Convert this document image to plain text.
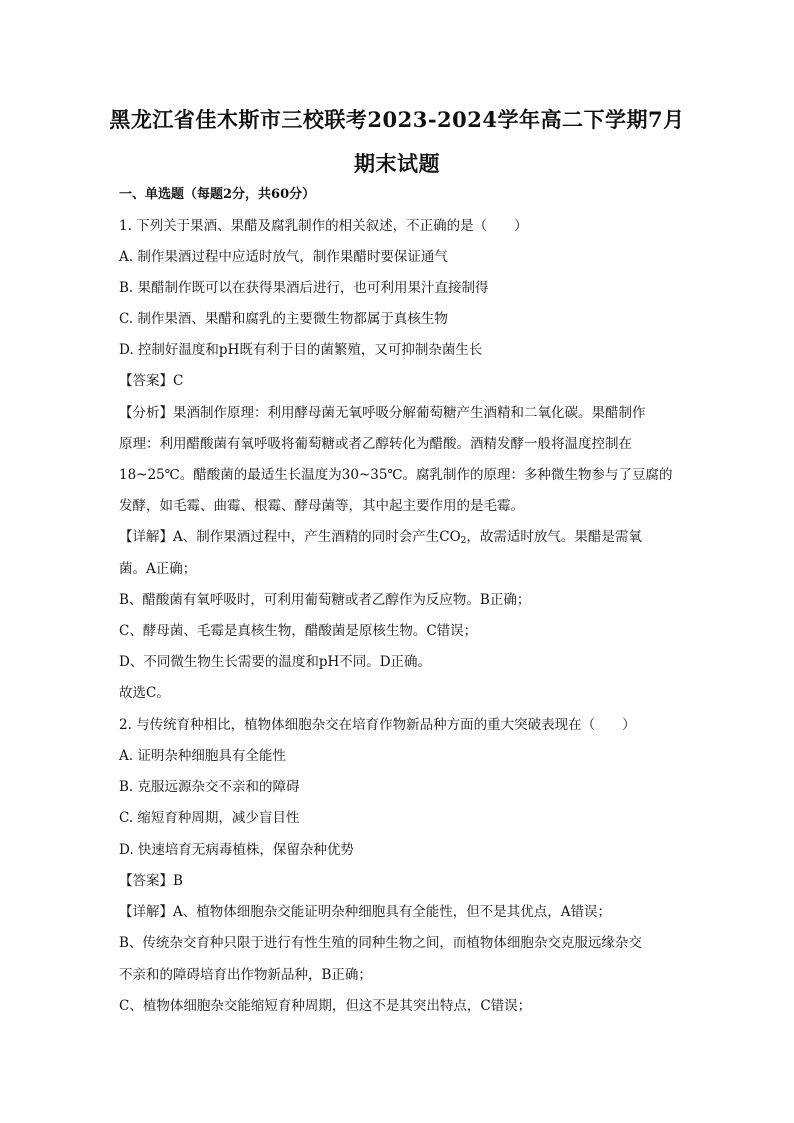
黑龙江省佳木斯市三校联考2023-2024学年高二下学期7月
期末试题
一、单选题（每题2分，共60分）
1. 下列关于果酒、果醋及腐乳制作的相关叙述，不正确的是（　　）
A. 制作果酒过程中应适时放气，制作果醋时要保证通气
B. 果醋制作既可以在获得果酒后进行，也可利用果汁直接制得
C. 制作果酒、果醋和腐乳的主要微生物都属于真核生物
D. 控制好温度和pH既有利于目的菌繁殖，又可抑制杂菌生长
【答案】C
【分析】果酒制作原理：利用酵母菌无氧呼吸分解葡萄糖产生酒精和二氧化碳。果醋制作
原理：利用醋酸菌有氧呼吸将葡萄糖或者乙醇转化为醋酸。酒精发酵一般将温度控制在
18~25℃。醋酸菌的最适生长温度为30~35℃。腐乳制作的原理：多种微生物参与了豆腐的
发酵，如毛霉、曲霉、根霉、酵母菌等，其中起主要作用的是毛霉。
【详解】A、制作果酒过程中，产生酒精的同时会产生$CO_2$，故需适时放气。果醋是需氧
菌。A正确；
B、醋酸菌有氧呼吸时，可利用葡萄糖或者乙醇作为反应物。B正确；
C、酵母菌、毛霉是真核生物，醋酸菌是原核生物。C错误；
D、不同微生物生长需要的温度和pH不同。D正确。
故选C。
2. 与传统育种相比，植物体细胞杂交在培育作物新品种方面的重大突破表现在（　　）
A. 证明杂种细胞具有全能性
B. 克服远源杂交不亲和的障碍
C. 缩短育种周期，减少盲目性
D. 快速培育无病毒植株，保留杂种优势
【答案】B
【详解】A、植物体细胞杂交能证明杂种细胞具有全能性，但不是其优点，A错误；
B、传统杂交育种只限于进行有性生殖的同种生物之间，而植物体细胞杂交克服远缘杂交
不亲和的障碍培育出作物新品种，B正确；
C、植物体细胞杂交能缩短育种周期，但这不是其突出特点，C错误；
